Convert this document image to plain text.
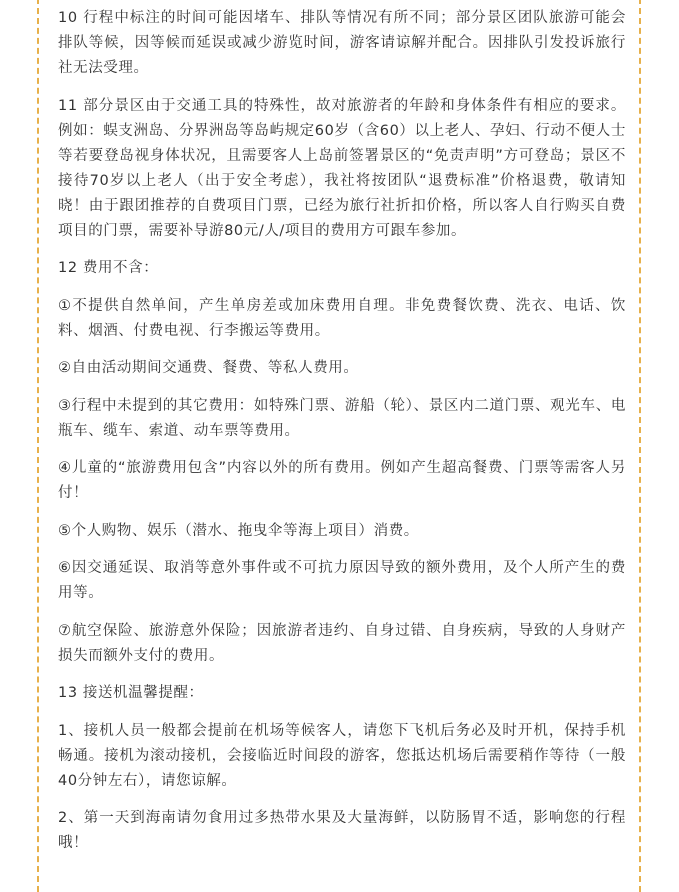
10 行程中标注的时间可能因堵车、排队等情况有所不同；部分景区团队旅游可能会排队等候，因等候而延误或减少游览时间，游客请谅解并配合。因排队引发投诉旅行社无法受理。

11 部分景区由于交通工具的特殊性，故对旅游者的年龄和身体条件有相应的要求。例如：蜈支洲岛、分界洲岛等岛屿规定60岁（含60）以上老人、孕妇、行动不便人士等若要登岛视身体状况，且需要客人上岛前签署景区的“免责声明”方可登岛；景区不接待70岁以上老人（出于安全考虑），我社将按团队“退费标准”价格退费，敬请知晓！由于跟团推荐的自费项目门票，已经为旅行社折扣价格，所以客人自行购买自费项目的门票，需要补导游80元/人/项目的费用方可跟车参加。

12 费用不含：

①不提供自然单间，产生单房差或加床费用自理。非免费餐饮费、洗衣、电话、饮料、烟酒、付费电视、行李搬运等费用。

②自由活动期间交通费、餐费、等私人费用。

③行程中未提到的其它费用：如特殊门票、游船（轮）、景区内二道门票、观光车、电瓶车、缆车、索道、动车票等费用。

④儿童的“旅游费用包含”内容以外的所有费用。例如产生超高餐费、门票等需客人另付！

⑤个人购物、娱乐（潜水、拖曳伞等海上项目）消费。

⑥因交通延误、取消等意外事件或不可抗力原因导致的额外费用，及个人所产生的费用等。

⑦航空保险、旅游意外保险；因旅游者违约、自身过错、自身疾病，导致的人身财产损失而额外支付的费用。

13 接送机温馨提醒：

1、接机人员一般都会提前在机场等候客人，请您下飞机后务必及时开机，保持手机畅通。接机为滚动接机，会接临近时间段的游客，您抵达机场后需要稍作等待（一般40分钟左右），请您谅解。

2、第一天到海南请勿食用过多热带水果及大量海鲜，以防肠胃不适，影响您的行程哦！
